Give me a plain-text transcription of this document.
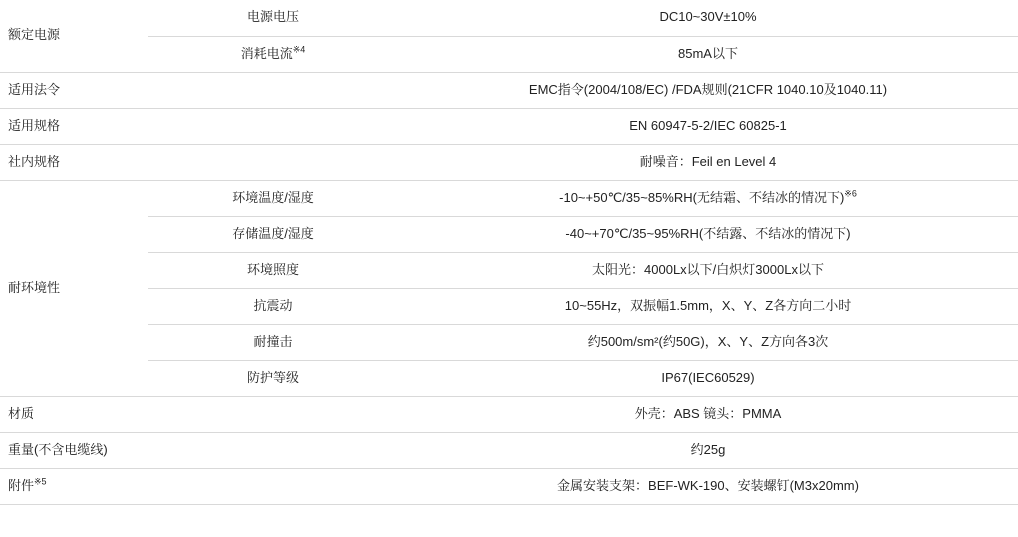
额定电源	电源电压	DC10~30V±10%
	消耗电流$^{※4}$	85mA以下
适用法令		EMC指令(2004/108/EC) /FDA规则(21CFR 1040.10及1040.11)
适用规格		EN 60947-5-2/IEC 60825-1
社内规格		耐噪音：Feil en Level 4
耐环境性	环境温度/湿度	-10~+50℃/35~85%RH(无结霜、不结冰的情况下)$^{※6}$
	存储温度/湿度	-40~+70℃/35~95%RH(不结露、不结冰的情况下)
	环境照度	太阳光：4000Lx以下/白炽灯3000Lx以下
	抗震动	10~55Hz，双振幅1.5mm，X、Y、Z各方向二小时
	耐撞击	约500m/sm²(约50G)，X、Y、Z方向各3次
	防护等级	IP67(IEC60529)
材质		外壳：ABS 镜头：PMMA
重量(不含电缆线)		约25g
附件$^{※5}$		金属安装支架：BEF-WK-190、安装螺钉(M3x20mm)
